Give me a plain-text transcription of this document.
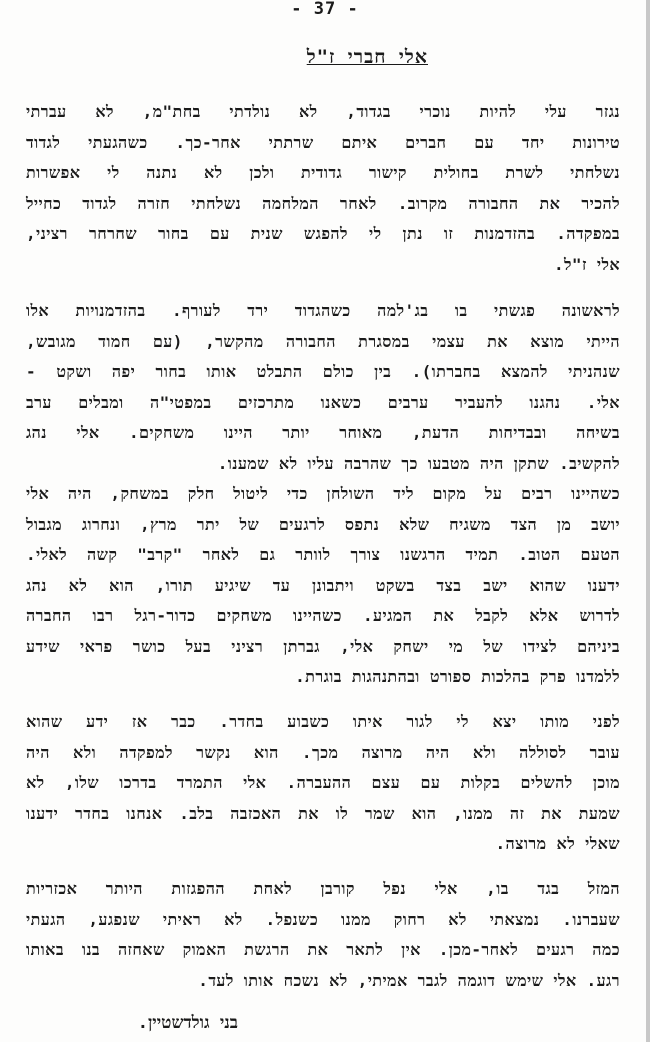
- 37 -
אלי חברי ז"ל
נגזר עלי להיות נוכרי בגדוד, לא נולדתי בחת"מ, לא עברתי
טירונות יחד עם חברים איתם שרתתי אחר-כך. כשהגעתי לגדוד
נשלחתי לשרת בחולית קישור גדודית ולכן לא נתנה לי אפשרות
להכיר את החבורה מקרוב. לאחר המלחמה נשלחתי חזרה לגדוד כחייל
במפקדה. בהזדמנות זו נתן לי להפגש שנית עם בחור שחרחר רציני,
אלי ז"ל.
לראשונה פגשתי בו בג'למה כשהגדוד ירד לעורף. בהזדמנויות אלו
הייתי מוצא את עצמי במסגרת החבורה מהקשר, (עם חמוד מגובש,
שנהניתי להמצא בחברתו). בין כולם התבלט אותו בחור יפה ושקט -
אלי. נהגנו להעביר ערבים כשאנו מתרכזים במפטי"ה ומבלים ערב
בשיחה ובבדיחות הדעת, מאוחר יותר היינו משחקים. אלי נהג
להקשיב. שתקן היה מטבעו כך שהרבה עליו לא שמענו.
כשהיינו רבים על מקום ליד השולחן כדי ליטול חלק במשחק, היה אלי
יושב מן הצד משגיח שלא נתפס לרגעים של יתר מרץ, ונחרוג מגבול
הטעם הטוב. תמיד הרגשנו צורך לוותר גם לאחר "קרב" קשה לאלי.
ידענו שהוא ישב בצד בשקט ויתבונן עד שיגיע תורו, הוא לא נהג
לדרוש אלא לקבל את המגיע. כשהיינו משחקים כדור-רגל רבו החברה
ביניהם לצידו של מי ישחק אלי, גברתן רציני בעל כושר פראי שידע
ללמדנו פרק בהלכות ספורט ובהתנהגות בוגרת.
לפני מותו יצא לי לגור איתו כשבוע בחדר. כבר אז ידע שהוא
עובר לסוללה ולא היה מרוצה מכך. הוא נקשר למפקדה ולא היה
מוכן להשלים בקלות עם עצם ההעברה. אלי התמרד בדרכו שלו, לא
שמעת את זה ממנו, הוא שמר לו את האכזבה בלב. אנחנו בחדר ידענו
שאלי לא מרוצה.
המזל בגד בו, אלי נפל קורבן לאחת ההפגזות היותר אכזריות
שעברנו. נמצאתי לא רחוק ממנו כשנפל. לא ראיתי שנפגע, הגעתי
כמה רגעים לאחר-מכן. אין לתאר את הרגשת האמוק שאחזה בנו באותו
רגע. אלי שימש דוגמה לגבר אמיתי, לא נשכח אותו לעד.
בני גולדשטיין.
